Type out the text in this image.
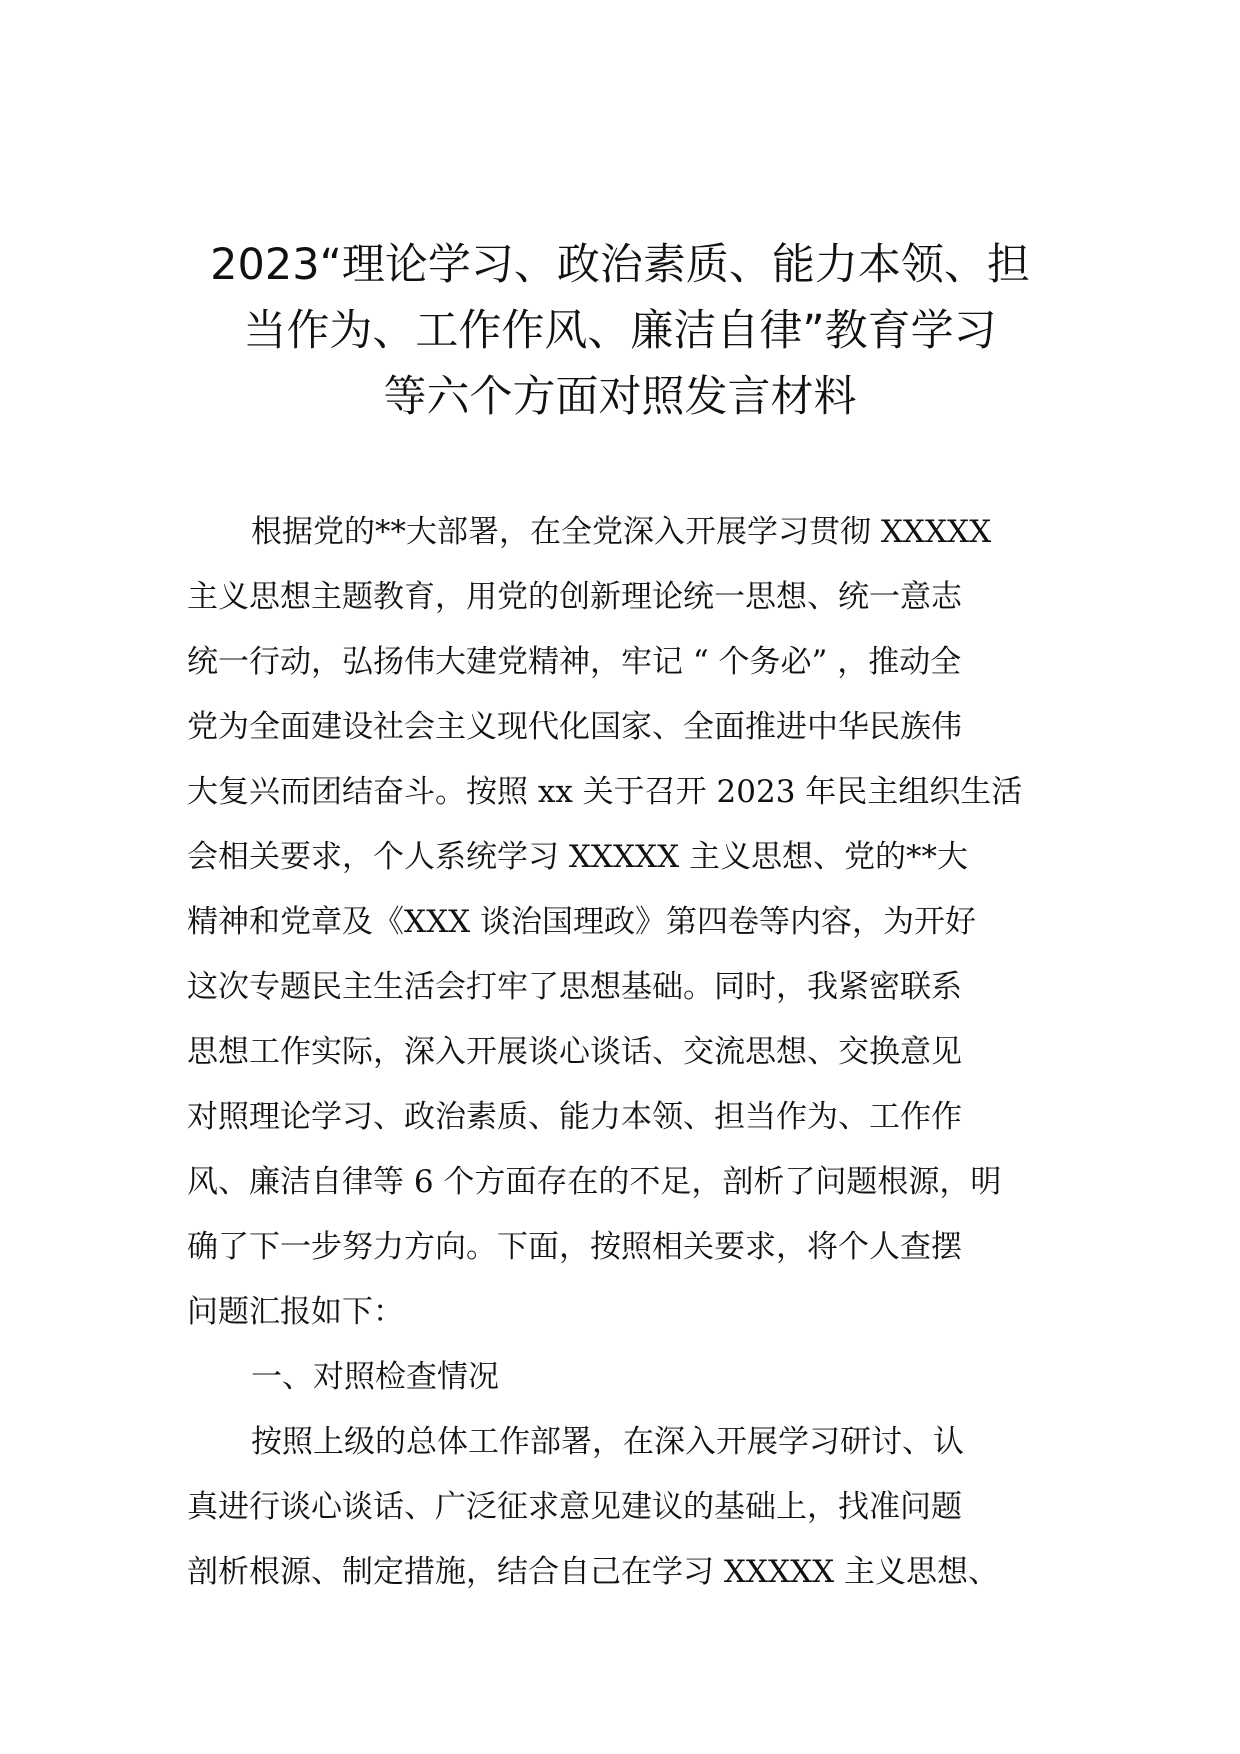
2023“理论学习、政治素质、能力本领、担
当作为、工作作风、廉洁自律”教育学习
等六个方面对照发言材料
根据党的**大部署，在全党深入开展学习贯彻 XXXXX
主义思想主题教育，用党的创新理论统一思想、统一意志
统一行动，弘扬伟大建党精神，牢记 “ 个务必” ，推动全
党为全面建设社会主义现代化国家、全面推进中华民族伟
大复兴而团结奋斗。按照 xx 关于召开 2023 年民主组织生活
会相关要求，个人系统学习 XXXXX 主义思想、党的**大
精神和党章及《XXX 谈治国理政》第四卷等内容，为开好
这次专题民主生活会打牢了思想基础。同时，我紧密联系
思想工作实际，深入开展谈心谈话、交流思想、交换意见
对照理论学习、政治素质、能力本领、担当作为、工作作
风、廉洁自律等 6 个方面存在的不足，剖析了问题根源，明
确了下一步努力方向。下面，按照相关要求，将个人查摆
问题汇报如下：
一、对照检查情况
按照上级的总体工作部署，在深入开展学习研讨、认
真进行谈心谈话、广泛征求意见建议的基础上，找准问题
剖析根源、制定措施，结合自己在学习 XXXXX 主义思想、
